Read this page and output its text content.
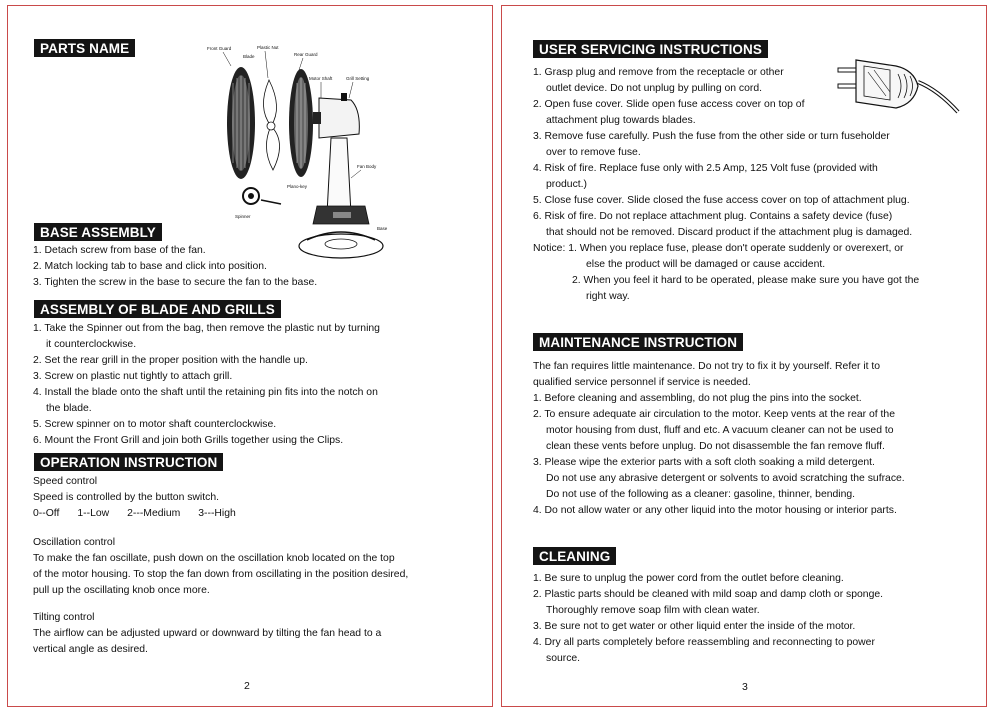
PARTS NAME	Front Guard	Plastic Nut
Rear Guard
Blade
Motor Shaft	Grill Setting
Fan Body
Plano-key
Spinner
Base
BASE ASSEMBLY
1. Detach screw from base of the fan.
2. Match locking tab to base and click into position.
3. Tighten the screw in the base to secure the fan to the base.
ASSEMBLY OF BLADE AND GRILLS
1. Take the Spinner out from the bag, then remove the plastic nut by turning
it counterclockwise.
2. Set the rear grill in the proper position with the handle up.
3. Screw on plastic nut tightly to attach grill.
4. Install the blade onto the shaft until the retaining pin fits into the notch on
the blade.
5. Screw spinner on to motor shaft counterclockwise.
6. Mount the Front Grill and join both Grills together using the Clips.
OPERATION INSTRUCTION
Speed control
Speed is controlled by the button switch.
0--Off 1--Low 2---Medium 3---High
Oscillation control
To make the fan oscillate, push down on the oscillation knob located on the top
of the motor housing. To stop the fan down from oscillating in the position desired,
pull up the oscillating knob once more.
Tilting control
The airflow can be adjusted upward or downward by tilting the fan head to a
vertical angle as desired.
2
USER SERVICING INSTRUCTIONS
1. Grasp plug and remove from the receptacle or other
outlet device. Do not unplug by pulling on cord.
2. Open fuse cover. Slide open fuse access cover on top of
attachment plug towards blades.
3. Remove fuse carefully. Push the fuse from the other side or turn fuseholder
over to remove fuse.
4. Risk of fire. Replace fuse only with 2.5 Amp, 125 Volt fuse (provided with
product.)
5. Close fuse cover. Slide closed the fuse access cover on top of attachment plug.
6. Risk of fire. Do not replace attachment plug. Contains a safety device (fuse)
that should not be removed. Discard product if the attachment plug is damaged.
Notice: 1. When you replace fuse, please don't operate suddenly or overexert, or
else the product will be damaged or cause accident.
2. When you feel it hard to be operated, please make sure you have got the
right way.
MAINTENANCE INSTRUCTION
The fan requires little maintenance. Do not try to fix it by yourself. Refer it to
qualified service personnel if service is needed.
1. Before cleaning and assembling, do not plug the pins into the socket.
2. To ensure adequate air circulation to the motor. Keep vents at the rear of the
motor housing from dust, fluff and etc. A vacuum cleaner can not be used to
clean these vents before unplug. Do not disassemble the fan remove fluff.
3. Please wipe the exterior parts with a soft cloth soaking a mild detergent.
Do not use any abrasive detergent or solvents to avoid scratching the sufrace.
Do not use of the following as a cleaner: gasoline, thinner, bending.
4. Do not allow water or any other liquid into the motor housing or interior parts.
CLEANING
1. Be sure to unplug the power cord from the outlet before cleaning.
2. Plastic parts should be cleaned with mild soap and damp cloth or sponge.
Thoroughly remove soap film with clean water.
3. Be sure not to get water or other liquid enter the inside of the motor.
4. Dry all parts completely before reassembling and reconnecting to power
source.
3
